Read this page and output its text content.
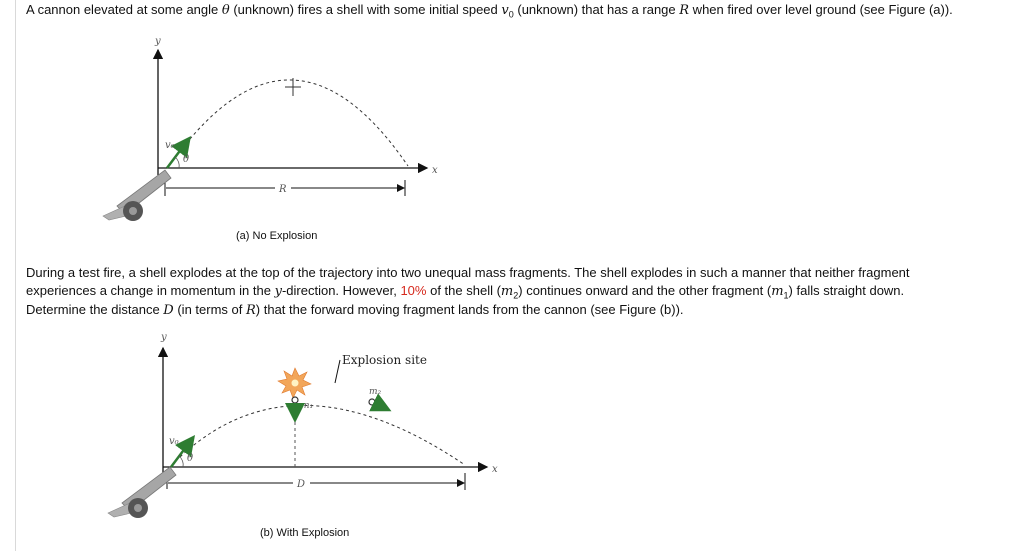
A cannon elevated at some angle θ (unknown) fires a shell with some initial speed $v_0$ (unknown) that has a range R when fired over level ground (see Figure (a)).

y
x
v₀
θ
R
(a) No Explosion

During a test fire, a shell explodes at the top of the trajectory into two unequal mass fragments. The shell explodes in such a manner that neither fragment

experiences a change in momentum in the y-direction. However, 10% of the shell $(m_2)$ continues onward and the other fragment $(m_1)$ falls straight down.

Determine the distance D (in terms of R) that the forward moving fragment lands from the cannon (see Figure (b)).

y
x
Explosion site
m₁
m₂
v₀
θ
D
(b) With Explosion
